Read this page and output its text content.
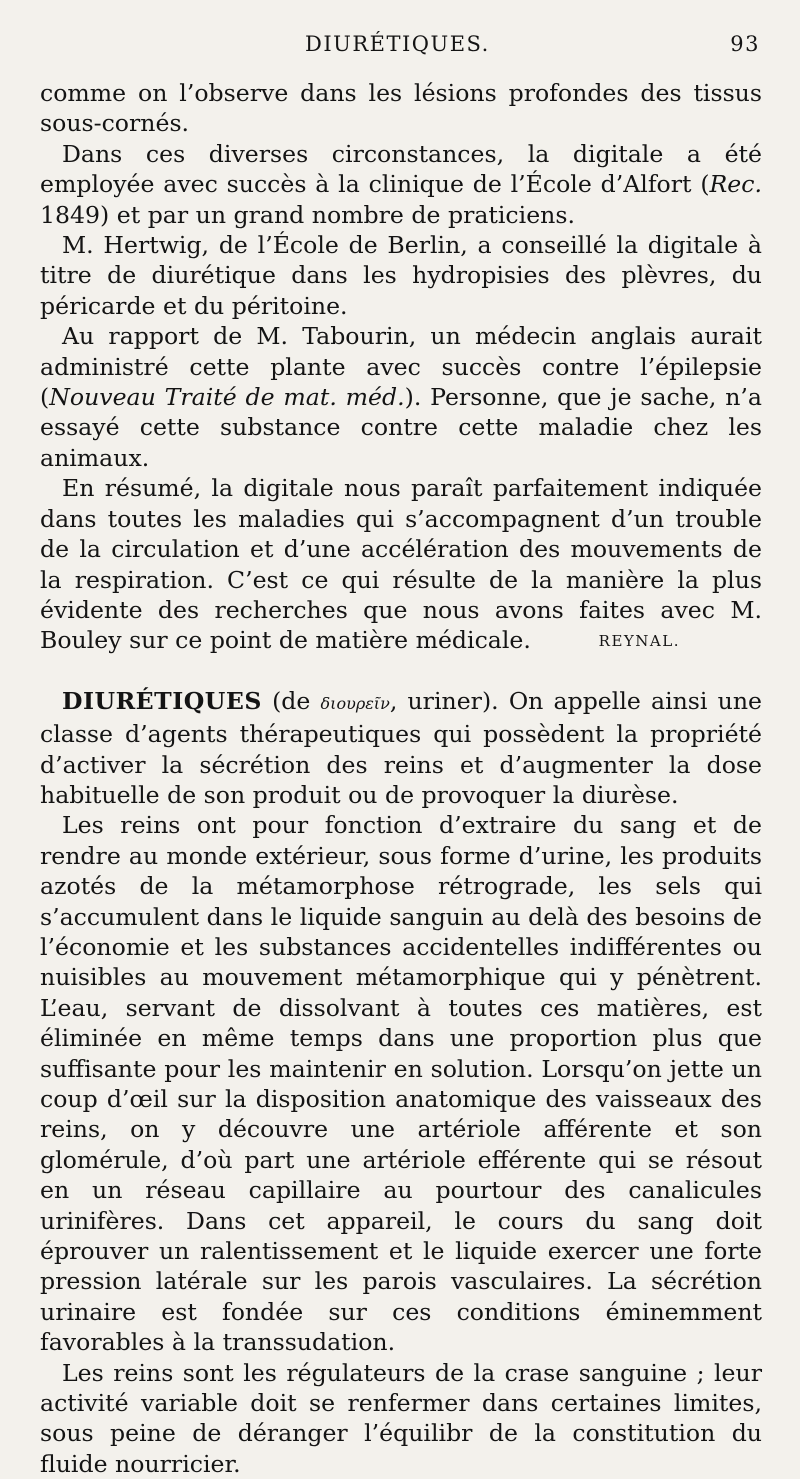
DIURÉTIQUES.	93

comme on l’observe dans les lésions profondes des tissus sous-cornés.

Dans ces diverses circonstances, la digitale a été employée avec succès à la clinique de l’École d’Alfort (Rec. 1849) et par un grand nombre de praticiens.

M. Hertwig, de l’École de Berlin, a conseillé la digitale à titre de diurétique dans les hydropisies des plèvres, du péricarde et du péritoine.

Au rapport de M. Tabourin, un médecin anglais aurait administré cette plante avec succès contre l’épilepsie (Nouveau Traité de mat. méd.). Personne, que je sache, n’a essayé cette substance contre cette maladie chez les animaux.

En résumé, la digitale nous paraît parfaitement indiquée dans toutes les maladies qui s’accompagnent d’un trouble de la circulation et d’une accélération des mouvements de la respiration. C’est ce qui résulte de la manière la plus évidente des recherches que nous avons faites avec M. Bouley sur ce point de matière médicale.	REYNAL.

DIURÉTIQUES (de διουρεῖν, uriner). On appelle ainsi une classe d’agents thérapeutiques qui possèdent la propriété d’activer la sécrétion des reins et d’augmenter la dose habituelle de son produit ou de provoquer la diurèse.

Les reins ont pour fonction d’extraire du sang et de rendre au monde extérieur, sous forme d’urine, les produits azotés de la métamorphose rétrograde, les sels qui s’accumulent dans le liquide sanguin au delà des besoins de l’économie et les substances accidentelles indifférentes ou nuisibles au mouvement métamorphique qui y pénètrent. L’eau, servant de dissolvant à toutes ces matières, est éliminée en même temps dans une proportion plus que suffisante pour les maintenir en solution. Lorsqu’on jette un coup d’œil sur la disposition anatomique des vaisseaux des reins, on y découvre une artériole afférente et son glomérule, d’où part une artériole efférente qui se résout en un réseau capillaire au pourtour des canalicules urinifères. Dans cet appareil, le cours du sang doit éprouver un ralentissement et le liquide exercer une forte pression latérale sur les parois vasculaires. La sécrétion urinaire est fondée sur ces conditions éminemment favorables à la transsudation.

Les reins sont les régulateurs de la crase sanguine ; leur activité variable doit se renfermer dans certaines limites, sous peine de déranger l’équilibr de la constitution du fluide nourricier.
